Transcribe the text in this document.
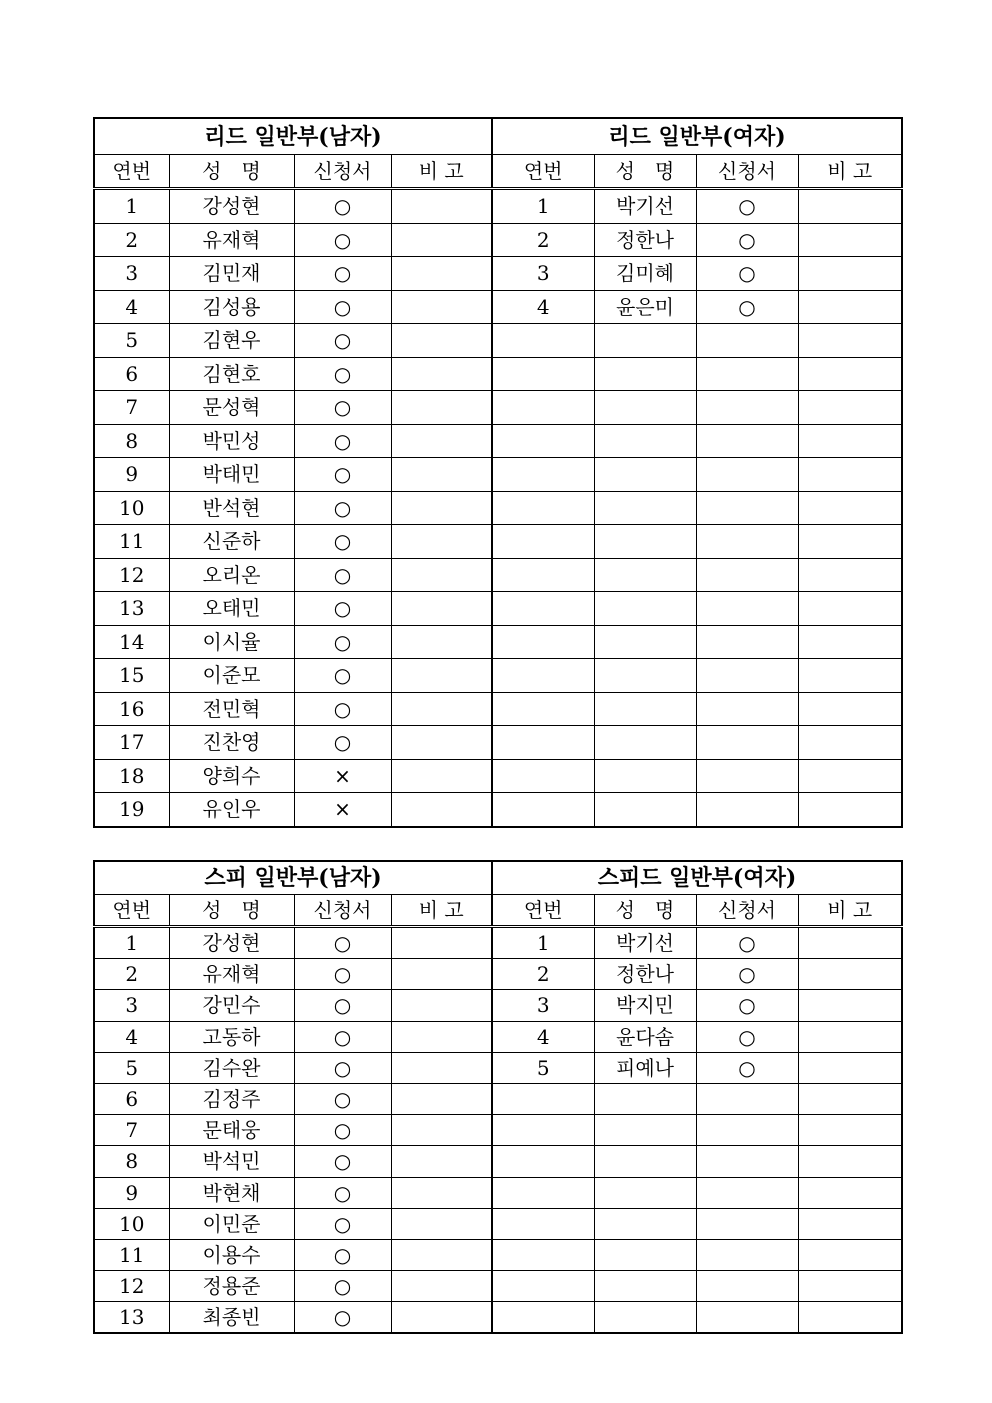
리드 일반부(남자)				리드 일반부(여자)			
연번	성　명	신청서	비 고	연번	성　명	신청서	비 고
1	강성현	○		1	박기선	○	
2	유재혁	○		2	정한나	○	
3	김민재	○		3	김미혜	○	
4	김성용	○		4	윤은미	○	
5	김현우	○					
6	김현호	○					
7	문성혁	○					
8	박민성	○					
9	박태민	○					
10	반석현	○					
11	신준하	○					
12	오리온	○					
13	오태민	○					
14	이시율	○					
15	이준모	○					
16	전민혁	○					
17	진찬영	○					
18	양희수	×					
19	유인우	×					
스피 일반부(남자)				스피드 일반부(여자)			
연번	성　명	신청서	비 고	연번	성　명	신청서	비 고
1	강성현	○		1	박기선	○	
2	유재혁	○		2	정한나	○	
3	강민수	○		3	박지민	○	
4	고동하	○		4	윤다솜	○	
5	김수완	○		5	피예나	○	
6	김정주	○					
7	문태웅	○					
8	박석민	○					
9	박현채	○					
10	이민준	○					
11	이용수	○					
12	정용준	○					
13	최종빈	○					
